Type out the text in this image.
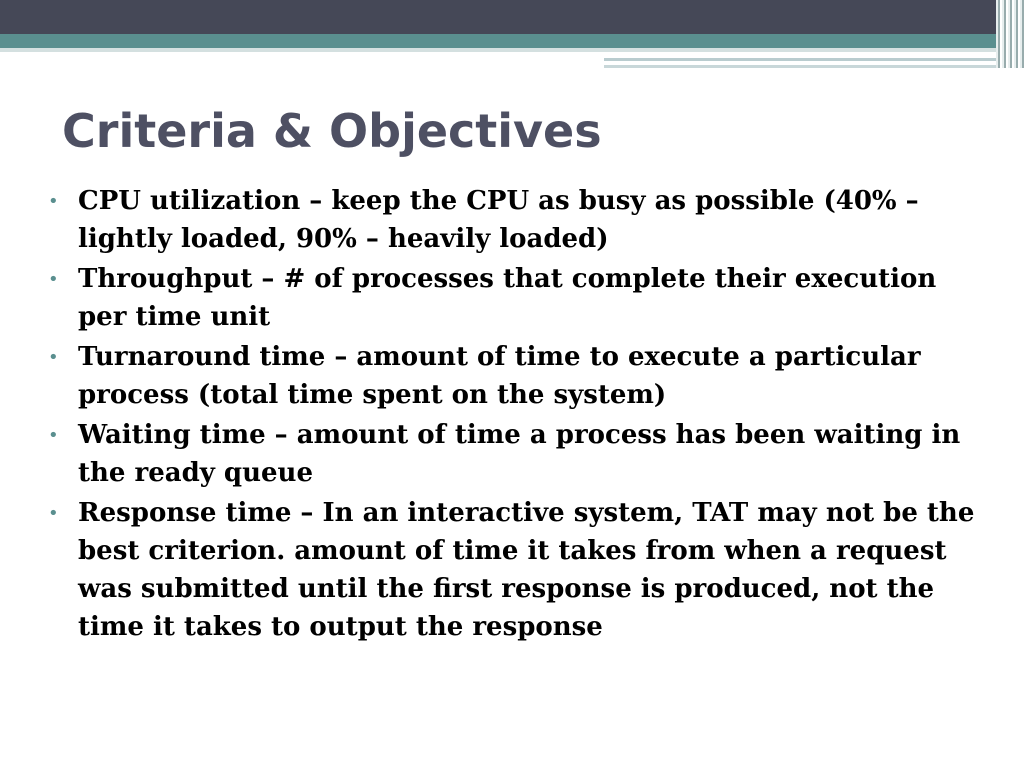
Criteria & Objectives
• CPU utilization – keep the CPU as busy as possible (40% – lightly loaded, 90% – heavily loaded)
• Throughput – # of processes that complete their execution per time unit
• Turnaround time – amount of time to execute a particular process (total time spent on the system)
• Waiting time – amount of time a process has been waiting in the ready queue
• Response time – In an interactive system, TAT may not be the best criterion. amount of time it takes from when a request was submitted until the first response is produced, not the time it takes to output the response
